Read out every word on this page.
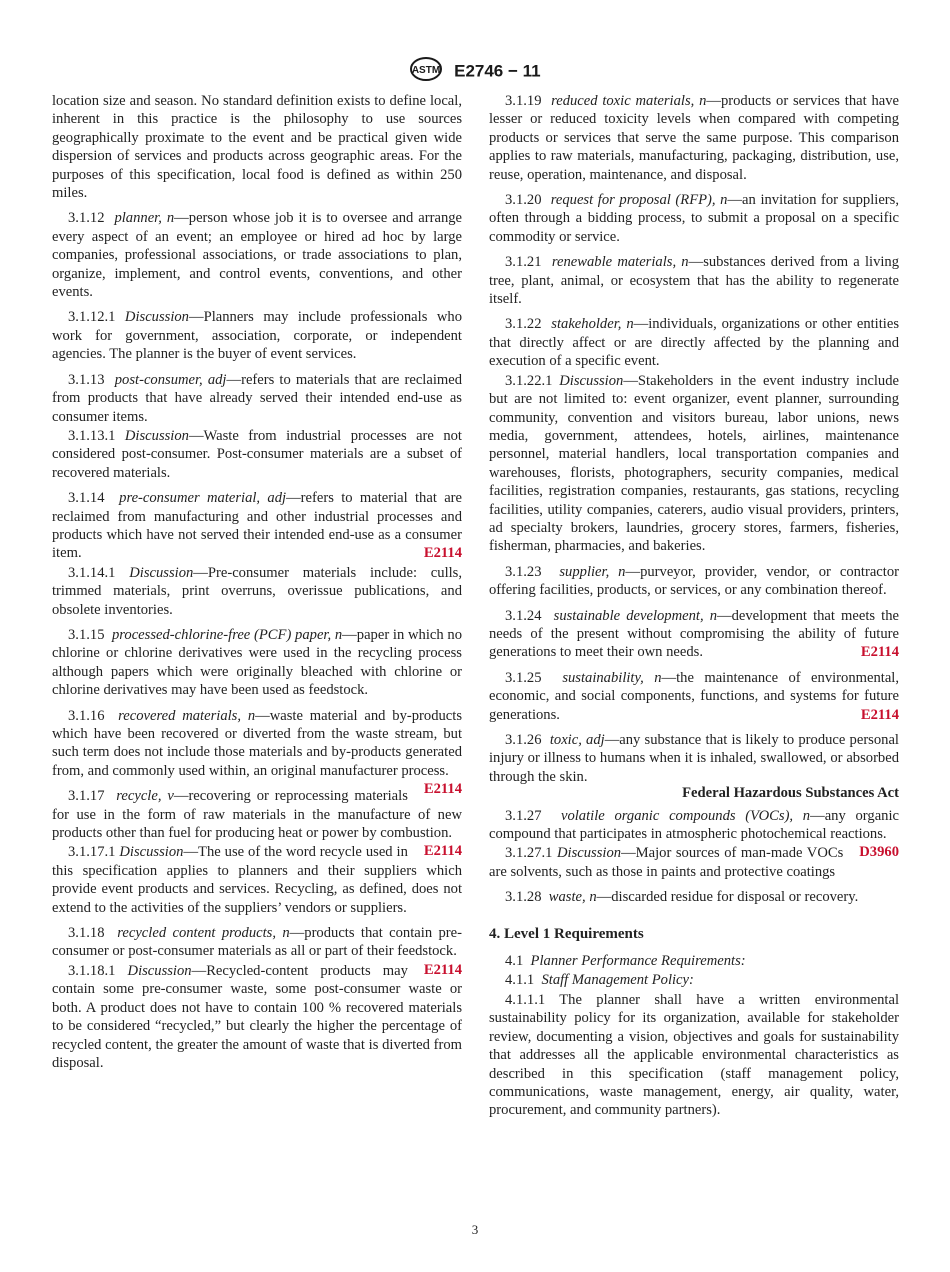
ASTM E2746 − 11

location size and season. No standard definition exists to define local, inherent in this practice is the philosophy to use sources geographically proximate to the event and be practical given wide dispersion of services and products across geographic areas. For the purposes of this specification, local food is defined as within 250 miles.

3.1.12 planner, n—person whose job it is to oversee and arrange every aspect of an event; an employee or hired ad hoc by large companies, professional associations, or trade associations to plan, organize, implement, and control events, conventions, and other events.

3.1.12.1 Discussion—Planners may include professionals who work for government, association, corporate, or independent agencies. The planner is the buyer of event services.

3.1.13 post-consumer, adj—refers to materials that are reclaimed from products that have already served their intended end-use as consumer items.

3.1.13.1 Discussion—Waste from industrial processes are not considered post-consumer. Post-consumer materials are a subset of recovered materials.

3.1.14 pre-consumer material, adj—refers to material that are reclaimed from manufacturing and other industrial processes and products which have not served their intended end-use as a consumer item.	E2114

3.1.14.1 Discussion—Pre-consumer materials include: culls, trimmed materials, print overruns, overissue publications, and obsolete inventories.

3.1.15 processed-chlorine-free (PCF) paper, n—paper in which no chlorine or chlorine derivatives were used in the recycling process although papers which were originally bleached with chlorine or chlorine derivatives may have been used as feedstock.

3.1.16 recovered materials, n—waste material and by-products which have been recovered or diverted from the waste stream, but such term does not include those materials and by-products generated from, and commonly used within, an original manufacturer process.
E2114

3.1.17 recycle, v—recovering or reprocessing materials for use in the form of raw materials in the manufacture of new products other than fuel for producing heat or power by combustion.
E2114

3.1.17.1 Discussion—The use of the word recycle used in this specification applies to planners and their suppliers which provide event products and services. Recycling, as defined, does not extend to the activities of the suppliers’ vendors or suppliers.

3.1.18 recycled content products, n—products that contain pre-consumer or post-consumer materials as all or part of their feedstock.
E2114

3.1.18.1 Discussion—Recycled-content products may contain some pre-consumer waste, some post-consumer waste or both. A product does not have to contain 100 % recovered materials to be considered “recycled,” but clearly the higher the percentage of recycled content, the greater the amount of waste that is diverted from disposal.

3.1.19 reduced toxic materials, n—products or services that have lesser or reduced toxicity levels when compared with competing products or services that serve the same purpose. This comparison applies to raw materials, manufacturing, packaging, distribution, use, reuse, operation, maintenance, and disposal.

3.1.20 request for proposal (RFP), n—an invitation for suppliers, often through a bidding process, to submit a proposal on a specific commodity or service.

3.1.21 renewable materials, n—substances derived from a living tree, plant, animal, or ecosystem that has the ability to regenerate itself.

3.1.22 stakeholder, n—individuals, organizations or other entities that directly affect or are directly affected by the planning and execution of a specific event.

3.1.22.1 Discussion—Stakeholders in the event industry include but are not limited to: event organizer, event planner, surrounding community, convention and visitors bureau, labor unions, news media, government, attendees, hotels, airlines, maintenance personnel, material handlers, local transportation companies and warehouses, florists, photographers, security companies, medical facilities, registration companies, restaurants, gas stations, recycling facilities, utility companies, caterers, audio visual providers, printers, ad specialty brokers, laundries, grocery stores, farmers, fisheries, fisherman, pharmacies, and bakeries.

3.1.23 supplier, n—purveyor, provider, vendor, or contractor offering facilities, products, or services, or any combination thereof.

3.1.24 sustainable development, n—development that meets the needs of the present without compromising the ability of future generations to meet their own needs.	E2114

3.1.25 sustainability, n—the maintenance of environmental, economic, and social components, functions, and systems for future generations.	E2114

3.1.26 toxic, adj—any substance that is likely to produce personal injury or illness to humans when it is inhaled, swallowed, or absorbed through the skin.

Federal Hazardous Substances Act

3.1.27 volatile organic compounds (VOCs), n—any organic compound that participates in atmospheric photochemical reactions.
D3960

3.1.27.1 Discussion—Major sources of man-made VOCs are solvents, such as those in paints and protective coatings

3.1.28 waste, n—discarded residue for disposal or recovery.

4. Level 1 Requirements

4.1 Planner Performance Requirements:

4.1.1 Staff Management Policy:

4.1.1.1 The planner shall have a written environmental sustainability policy for its organization, available for stakeholder review, documenting a vision, objectives and goals for sustainability that addresses all the applicable environmental characteristics as described in this specification (staff management policy, communications, waste management, energy, air quality, water, procurement, and community partners).

3
